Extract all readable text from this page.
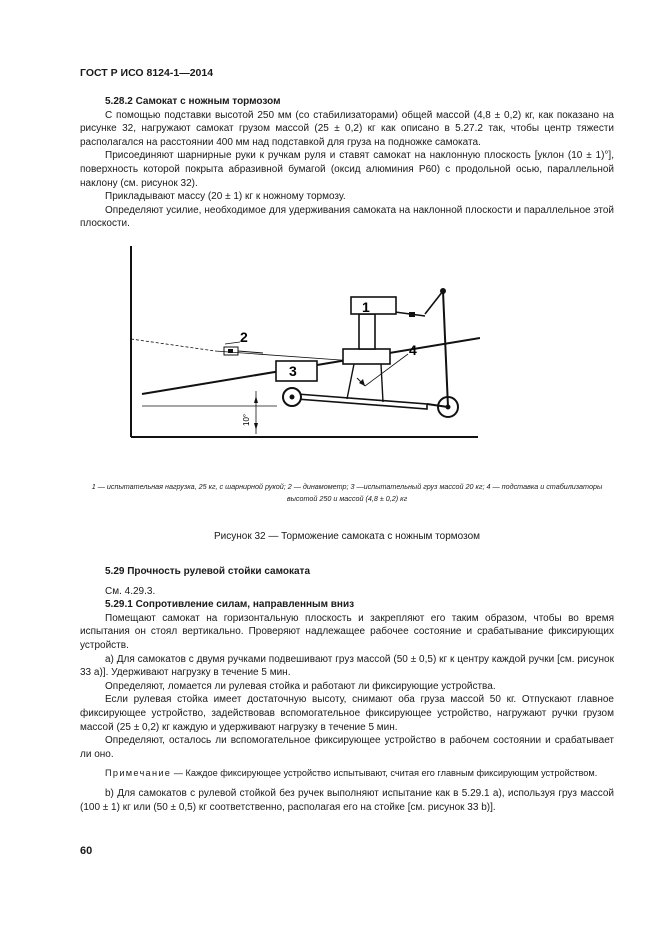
ГОСТ Р ИСО 8124-1—2014

5.28.2 Самокат с ножным тормозом

С помощью подставки высотой 250 мм (со стабилизаторами) общей массой (4,8 ± 0,2) кг, как показано на рисунке 32, нагружают самокат грузом массой (25 ± 0,2) кг как описано в 5.27.2 так, чтобы центр тяжести располагался на расстоянии 400 мм над подставкой для груза на подножке самоката.

Присоединяют шарнирные руки к ручкам руля и ставят самокат на наклонную плоскость [уклон (10 ± 1)°], поверхность которой покрыта абразивной бумагой (оксид алюминия P60) с продольной осью, параллельной наклону (см. рисунок 32).

Прикладывают массу (20 ± 1) кг к ножному тормозу.

Определяют усилие, необходимое для удерживания самоката на наклонной плоскости и параллельное этой плоскости.

10°
2
3
4
1
1 — испытательная нагрузка, 25 кг, с шарнирной рукой; 2 — динамометр; 3 —испытательный груз массой 20 кг; 4 — подставка и стабилизаторы высотой 250 и массой (4,8 ± 0,2) кг
Рисунок 32 — Торможение самоката с ножным тормозом

5.29 Прочность рулевой стойки самоката

См. 4.29.3.

5.29.1 Сопротивление силам, направленным вниз

Помещают самокат на горизонтальную плоскость и закрепляют его таким образом, чтобы во время испытания он стоял вертикально. Проверяют надлежащее рабочее состояние и срабатывание фиксирующих устройств.

a) Для самокатов с двумя ручками подвешивают груз массой (50 ± 0,5) кг к центру каждой ручки [см. рисунок 33 a)]. Удерживают нагрузку в течение 5 мин.

Определяют, ломается ли рулевая стойка и работают ли фиксирующие устройства.

Если рулевая стойка имеет достаточную высоту, снимают оба груза массой 50 кг. Отпускают главное фиксирующее устройство, задействовав вспомогательное фиксирующее устройство, нагружают ручки грузом массой (25 ± 0,2) кг каждую и удерживают нагрузку в течение 5 мин.

Определяют, осталось ли вспомогательное фиксирующее устройство в рабочем состоянии и срабатывает ли оно.

Примечание — Каждое фиксирующее устройство испытывают, считая его главным фиксирующим устройством.

b) Для самокатов с рулевой стойкой без ручек выполняют испытание как в 5.29.1 a), используя груз массой (100 ± 1) кг или (50 ± 0,5) кг соответственно, располагая его на стойке [см. рисунок 33 b)].

60
